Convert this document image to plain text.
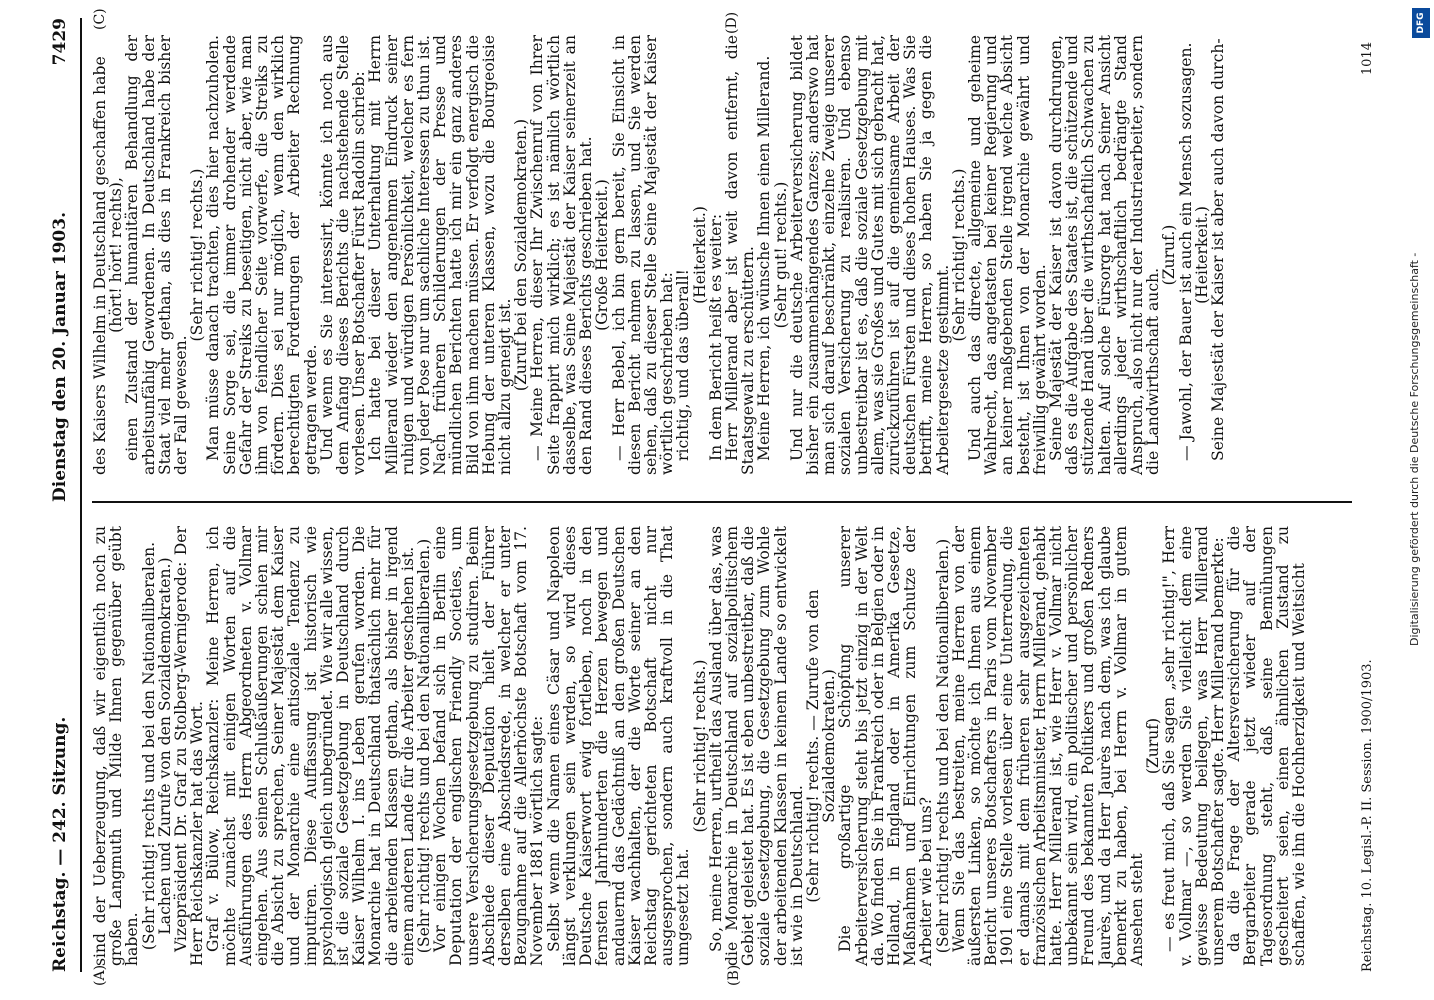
Reichstag. — 242. Sitzung.
Dienstag den 20. Januar 1903.
7429
(A)	(B)
(C)	(D)

sind der Ueberzeugung, daß wir eigentlich noch zu große Langmuth und Milde Ihnen gegenüber geübt haben.

(Sehr richtig! rechts und bei den Nationalliberalen. Lachen und Zurufe von den Sozialdemokraten.)

Vizepräsident Dr. Graf zu Stolberg-Wernigerode: Der Herr Reichskanzler hat das Wort.

Graf v. Bülow, Reichskanzler: Meine Herren, ich möchte zunächst mit einigen Worten auf die Ausführungen des Herrn Abgeordneten v. Vollmar eingehen. Aus seinen Schlußäußerungen schien mir die Absicht zu sprechen, Seiner Majestät dem Kaiser und der Monarchie eine antisoziale Tendenz zu imputiren. Diese Auffassung ist historisch wie psychologisch gleich unbegründet. Wie wir alle wissen, ist die soziale Gesetzgebung in Deutschland durch Kaiser Wilhelm I. ins Leben gerufen worden. Die Monarchie hat in Deutschland thatsächlich mehr für die arbeitenden Klassen gethan, als bisher in irgend einem anderen Lande für die Arbeiter geschehen ist.

(Sehr richtig! rechts und bei den Nationalliberalen.)

Vor einigen Wochen befand sich in Berlin eine Deputation der englischen Friendly Societies, um unsere Versicherungsgesetzgebung zu studiren. Beim Abschiede dieser Deputation hielt der Führer derselben eine Abschiedsrede, in welcher er unter Bezugnahme auf die Allerhöchste Botschaft vom 17. November 1881 wörtlich sagte:

Selbst wenn die Namen eines Cäsar und Napoleon längst verklungen sein werden, so wird dieses Deutsche Kaiserwort ewig fortleben, noch in den fernsten Jahrhunderten die Herzen bewegen und andauernd das Gedächtniß an den großen Deutschen Kaiser wachhalten, der die Worte seiner an den Reichstag gerichteten Botschaft nicht nur ausgesprochen, sondern auch kraftvoll in die That umgesetzt hat.

(Sehr richtig! rechts.)

So, meine Herren, urtheilt das Ausland über das, was die Monarchie in Deutschland auf sozialpolitischem Gebiet geleistet hat. Es ist eben unbestreitbar, daß die soziale Gesetzgebung, die Gesetzgebung zum Wohle der arbeitenden Klassen in keinem Lande so entwickelt ist wie in Deutschland.

(Sehr richtig! rechts. — Zurufe von den Sozialdemokraten.)

Die großartige Schöpfung unserer Arbeiterversicherung steht bis jetzt einzig in der Welt da. Wo finden Sie in Frankreich oder in Belgien oder in Holland, in England oder in Amerika Gesetze, Maßnahmen und Einrichtungen zum Schutze der Arbeiter wie bei uns?

(Sehr richtig! rechts und bei den Nationalliberalen.)

Wenn Sie das bestreiten, meine Herren von der äußersten Linken, so möchte ich Ihnen aus einem Bericht unseres Botschafters in Paris vom November 1901 eine Stelle vorlesen über eine Unterredung, die er damals mit dem früheren sehr ausgezeichneten französischen Arbeitsminister, Herrn Millerand, gehabt hatte. Herr Millerand ist, wie Herr v. Vollmar nicht unbekannt sein wird, ein politischer und persönlicher Freund des bekannten Politikers und großen Redners Jaurès, und da Herr Jaurès nach dem, was ich glaube bemerkt zu haben, bei Herrn v. Vollmar in gutem Ansehen steht

(Zuruf)

— es freut mich, daß Sie sagen „sehr richtig!", Herr v. Vollmar —, so werden Sie vielleicht dem eine gewisse Bedeutung beilegen, was Herr Millerand unserem Botschafter sagte. Herr Millerand bemerkte:

da die Frage der Altersversicherung für die Bergarbeiter gerade jetzt wieder auf der Tagesordnung steht, daß seine Bemühungen gescheitert seien, einen ähnlichen Zustand zu schaffen, wie ihn die Hochherzigkeit und Weitsicht

des Kaisers Wilhelm in Deutschland geschaffen habe

(hört! hört! rechts),

einen Zustand der humanitären Behandlung der arbeitsunfähig Gewordenen. In Deutschland habe der Staat viel mehr gethan, als dies in Frankreich bisher der Fall gewesen.

(Sehr richtig! rechts.)

Man müsse danach trachten, dies hier nachzuholen. Seine Sorge sei, die immer drohender werdende Gefahr der Streiks zu beseitigen, nicht aber, wie man ihm von feindlicher Seite vorwerfe, die Streiks zu fördern. Dies sei nur möglich, wenn den wirklich berechtigten Forderungen der Arbeiter Rechnung getragen werde.

Und wenn es Sie interessirt, könnte ich noch aus dem Anfang dieses Berichts die nachstehende Stelle vorlesen. Unser Botschafter Fürst Radolin schrieb:

Ich hatte bei dieser Unterhaltung mit Herrn Millerand wieder den angenehmen Eindruck seiner ruhigen und würdigen Persönlichkeit, welcher es fern von jeder Pose nur um sachliche Interessen zu thun ist. Nach früheren Schilderungen der Presse und mündlichen Berichten hatte ich mir ein ganz anderes Bild von ihm machen müssen. Er verfolgt energisch die Hebung der unteren Klassen, wozu die Bourgeoisie nicht allzu geneigt ist.

(Zuruf bei den Sozialdemokraten.)

— Meine Herren, dieser Ihr Zwischenruf von Ihrer Seite frappirt mich wirklich; es ist nämlich wörtlich dasselbe, was Seine Majestät der Kaiser seinerzeit an den Rand dieses Berichts geschrieben hat.

(Große Heiterkeit.)

— Herr Bebel, ich bin gern bereit, Sie Einsicht in diesen Bericht nehmen zu lassen, und Sie werden sehen, daß zu dieser Stelle Seine Majestät der Kaiser wörtlich geschrieben hat:

richtig, und das überall!

(Heiterkeit.)

In dem Bericht heißt es weiter:

Herr Millerand aber ist weit davon entfernt, die Staatsgewalt zu erschüttern.

Meine Herren, ich wünsche Ihnen einen Millerand.

(Sehr gut! rechts.)

Und nur die deutsche Arbeiterversicherung bildet bisher ein zusammenhängendes Ganzes; anderswo hat man sich darauf beschränkt, einzelne Zweige unserer sozialen Versicherung zu realisiren. Und ebenso unbestreitbar ist es, daß die soziale Gesetzgebung mit allem, was sie Großes und Gutes mit sich gebracht hat, zurückzuführen ist auf die gemeinsame Arbeit der deutschen Fürsten und dieses hohen Hauses. Was Sie betrifft, meine Herren, so haben Sie ja gegen die Arbeitergesetze gestimmt.

(Sehr richtig! rechts.)

Und auch das directe, allgemeine und geheime Wahlrecht, das angetasten bei keiner Regierung und an keiner maßgebenden Stelle irgend welche Absicht besteht, ist Ihnen von der Monarchie gewährt und freiwillig gewährt worden.

Seine Majestät der Kaiser ist davon durchdrungen, daß es die Aufgabe des Staates ist, die schützende und stützende Hand über die wirthschaftlich Schwachen zu halten. Auf solche Fürsorge hat nach Seiner Ansicht allerdings jeder wirthschaftlich bedrängte Stand Anspruch, also nicht nur der Industriearbeiter, sondern die Landwirthschaft auch.

(Zuruf.)

— Jawohl, der Bauer ist auch ein Mensch sozusagen.

(Heiterkeit.)

Seine Majestät der Kaiser ist aber auch davon durch-

Reichstag. 10. Legisl.-P. II. Session. 1900/1903.
1014
DFG
Digitalisierung gefördert durch die Deutsche Forschungsgemeinschaft -
